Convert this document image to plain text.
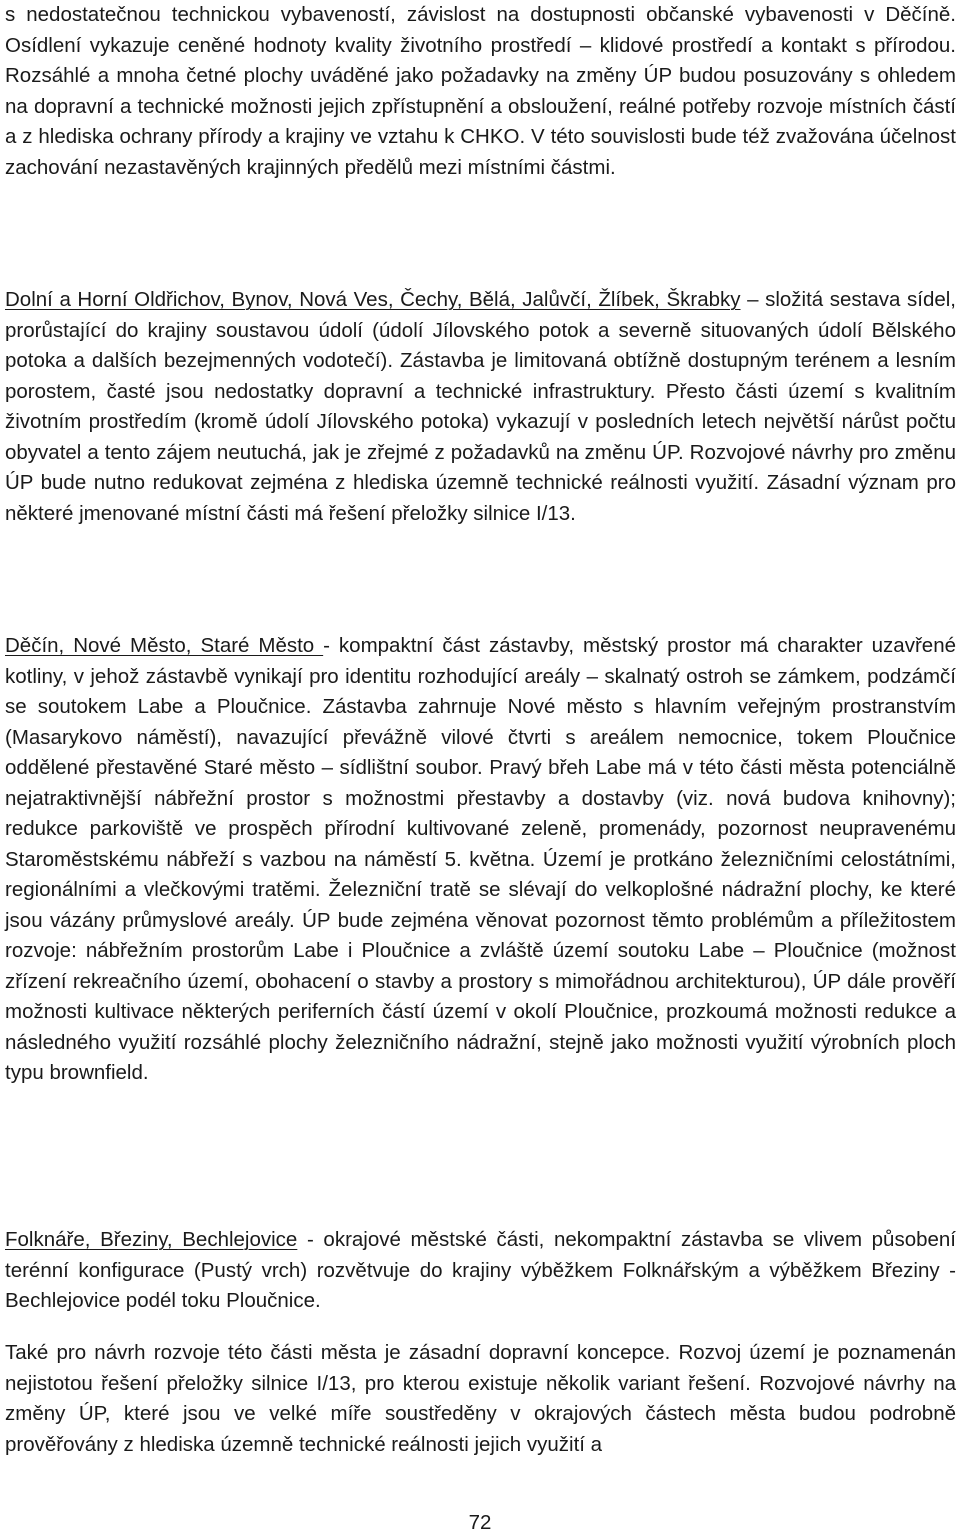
s nedostatečnou technickou vybaveností, závislost na dostupnosti občanské vybavenosti v Děčíně. Osídlení vykazuje ceněné hodnoty kvality životního prostředí – klidové prostředí a kontakt s přírodou. Rozsáhlé a mnoha četné plochy uváděné jako požadavky na změny ÚP budou posuzovány s ohledem na dopravní a technické možnosti jejich zpřístupnění a obsloužení, reálné potřeby rozvoje místních částí a z hlediska ochrany přírody a krajiny ve vztahu k CHKO. V této souvislosti bude též zvažována účelnost zachování nezastavěných krajinných předělů mezi místními částmi.

Dolní a Horní Oldřichov, Bynov, Nová Ves, Čechy, Bělá, Jalůvčí, Žlíbek, Škrabky – složitá sestava sídel, prorůstající do krajiny soustavou údolí (údolí Jílovského potok a severně situovaných údolí Bělského potoka a dalších bezejmenných vodotečí). Zástavba je limitovaná obtížně dostupným terénem a lesním porostem, časté jsou nedostatky dopravní a technické infrastruktury. Přesto části území s kvalitním životním prostředím (kromě údolí Jílovského potoka) vykazují v posledních letech největší nárůst počtu obyvatel a tento zájem neutuchá, jak je zřejmé z požadavků na změnu ÚP. Rozvojové návrhy pro změnu ÚP bude nutno redukovat zejména z hlediska územně technické reálnosti využití. Zásadní význam pro některé jmenované místní části má řešení přeložky silnice I/13.

Děčín, Nové Město, Staré Město - kompaktní část zástavby, městský prostor má charakter uzavřené kotliny, v jehož zástavbě vynikají pro identitu rozhodující areály – skalnatý ostroh se zámkem, podzámčí se soutokem Labe a Ploučnice. Zástavba zahrnuje Nové město s hlavním veřejným prostranstvím (Masarykovo náměstí), navazující převážně vilové čtvrti s areálem nemocnice, tokem Ploučnice oddělené přestavěné Staré město – sídlištní soubor. Pravý břeh Labe má v této části města potenciálně nejatraktivnější nábřežní prostor s možnostmi přestavby a dostavby (viz. nová budova knihovny); redukce parkoviště ve prospěch přírodní kultivované zeleně, promenády, pozornost neupravenému Staroměstskému nábřeží s vazbou na náměstí 5. května. Území je protkáno železničními celostátními, regionálními a vlečkovými tratěmi. Železniční tratě se slévají do velkoplošné nádražní plochy, ke které jsou vázány průmyslové areály. ÚP bude zejména věnovat pozornost těmto problémům a příležitostem rozvoje: nábřežním prostorům Labe i Ploučnice a zvláště území soutoku Labe – Ploučnice (možnost zřízení rekreačního území, obohacení o stavby a prostory s mimořádnou architekturou), ÚP dále prověří možnosti kultivace některých periferních částí území v okolí Ploučnice, prozkoumá možnosti redukce a následného využití rozsáhlé plochy železničního nádražní, stejně jako možnosti využití výrobních ploch typu brownfield.

Folknáře, Březiny, Bechlejovice - okrajové městské části, nekompaktní zástavba se vlivem působení terénní konfigurace (Pustý vrch) rozvětvuje do krajiny výběžkem Folknářským a výběžkem Březiny - Bechlejovice podél toku Ploučnice.

Také pro návrh rozvoje této části města je zásadní dopravní koncepce. Rozvoj území je poznamenán nejistotou řešení přeložky silnice I/13, pro kterou existuje několik variant řešení. Rozvojové návrhy na změny ÚP, které jsou ve velké míře soustředěny v okrajových částech města budou podrobně prověřovány z hlediska územně technické reálnosti jejich využití a

72
